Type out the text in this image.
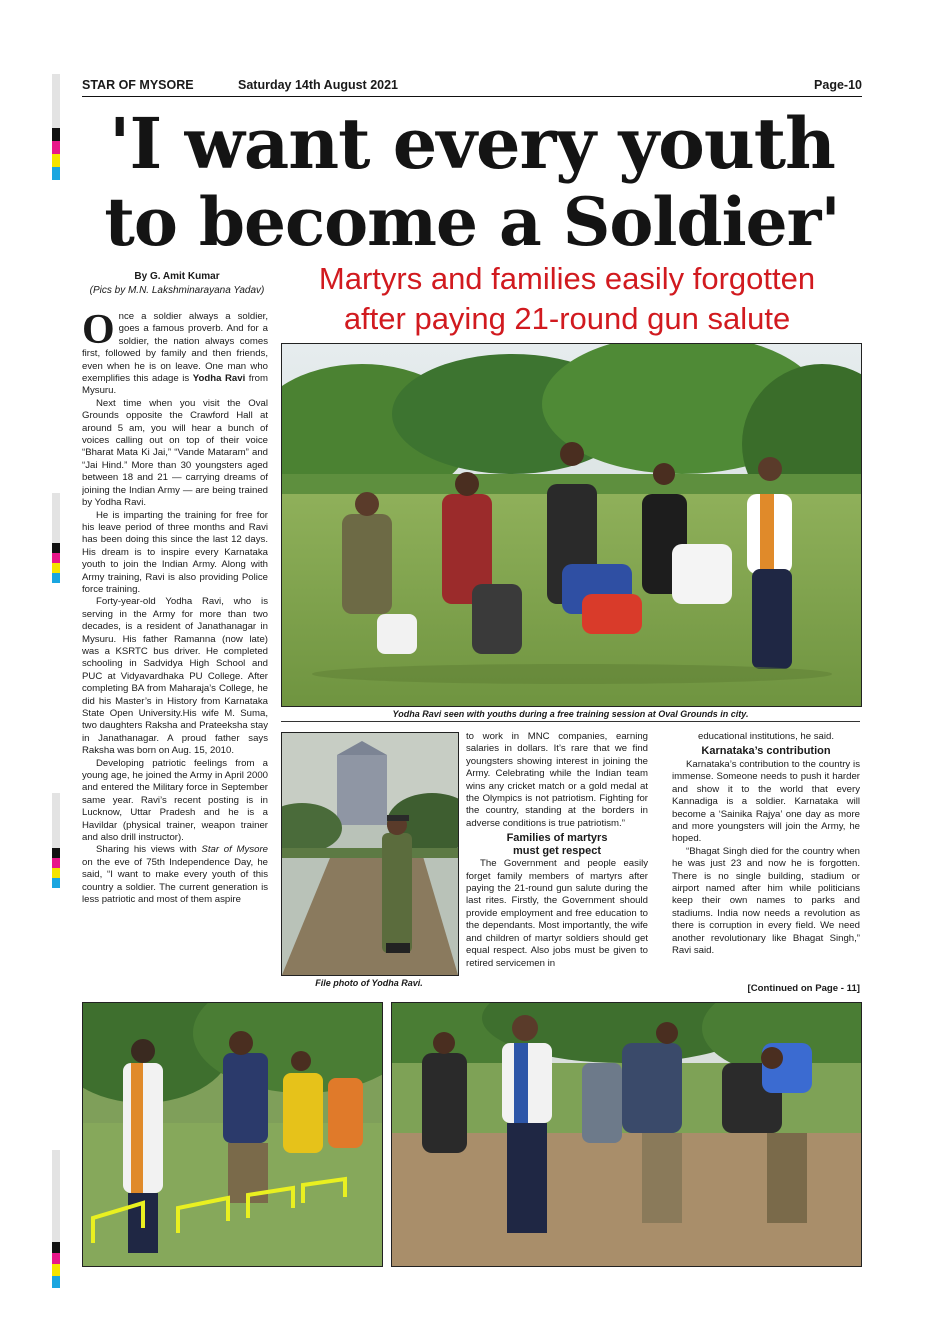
STAR OF MYSORE	Saturday 14th August 2021	Page-10
'I want every youth
to become a Soldier'
Martyrs and families easily forgotten
after paying 21-round gun salute
By G. Amit Kumar
(Pics by M.N. Lakshminarayana Yadav)

Once a soldier always a soldier, goes a famous proverb. And for a soldier, the nation always comes first, followed by family and then friends, even when he is on leave. One man who exemplifies this adage is Yodha Ravi from Mysuru.

Next time when you visit the Oval Grounds opposite the Crawford Hall at around 5 am, you will hear a bunch of voices calling out on top of their voice “Bharat Mata Ki Jai,” “Vande Mataram” and “Jai Hind.” More than 30 youngsters aged between 18 and 21 — carrying dreams of joining the Indian Army — are being trained by Yodha Ravi.

He is imparting the training for free for his leave period of three months and Ravi has been doing this since the last 12 days. His dream is to inspire every Karnataka youth to join the Indian Army. Along with Army training, Ravi is also providing Police force training.

Forty-year-old Yodha Ravi, who is serving in the Army for more than two decades, is a resident of Janathanagar in Mysuru. His father Ramanna (now late) was a KSRTC bus driver. He completed schooling in Sadvidya High School and PUC at Vidyavardhaka PU College. After completing BA from Maharaja’s College, he did his Master’s in History from Karnataka State Open University.His wife M. Suma, two daughters Raksha and Prateeksha stay in Janathanagar. A proud father says Raksha was born on Aug. 15, 2010.

Developing patriotic feelings from a young age, he joined the Army in April 2000 and entered the Military force in September same year. Ravi’s recent posting is in Lucknow, Uttar Pradesh and he is a Havildar (physical trainer, weapon trainer and also drill instructor).

Sharing his views with Star of Mysore on the eve of 75th Independence Day, he said, “I want to make every youth of this country a soldier. The current generation is less patriotic and most of them aspire

Yodha Ravi seen with youths during a free training session at Oval Grounds in city.
File photo of Yodha Ravi.

to work in MNC companies, earning salaries in dollars. It’s rare that we find youngsters showing interest in joining the Army. Celebrating while the Indian team wins any cricket match or a gold medal at the Olympics is not patriotism. Fighting for the country, standing at the borders in adverse conditions is true patriotism.”

Families of martyrs
must get respect

The Government and people easily forget family members of martyrs after paying the 21-round gun salute during the last rites. Firstly, the Government should provide employment and free education to the dependants. Most importantly, the wife and children of martyr soldiers should get equal respect. Also jobs must be given to retired servicemen in

educational institutions, he said.

Karnataka’s contribution

Karnataka’s contribution to the country is immense. Someone needs to push it harder and show it to the world that every Kannadiga is a soldier. Karnataka will become a ‘Sainika Rajya’ one day as more and more youngsters will join the Army, he hoped.

“Bhagat Singh died for the country when he was just 23 and now he is forgotten. There is no single building, stadium or airport named after him while politicians keep their own names to parks and stadiums. India now needs a revolution as there is corruption in every field. We need another revolutionary like Bhagat Singh,” Ravi said.

[Continued on Page - 11]
